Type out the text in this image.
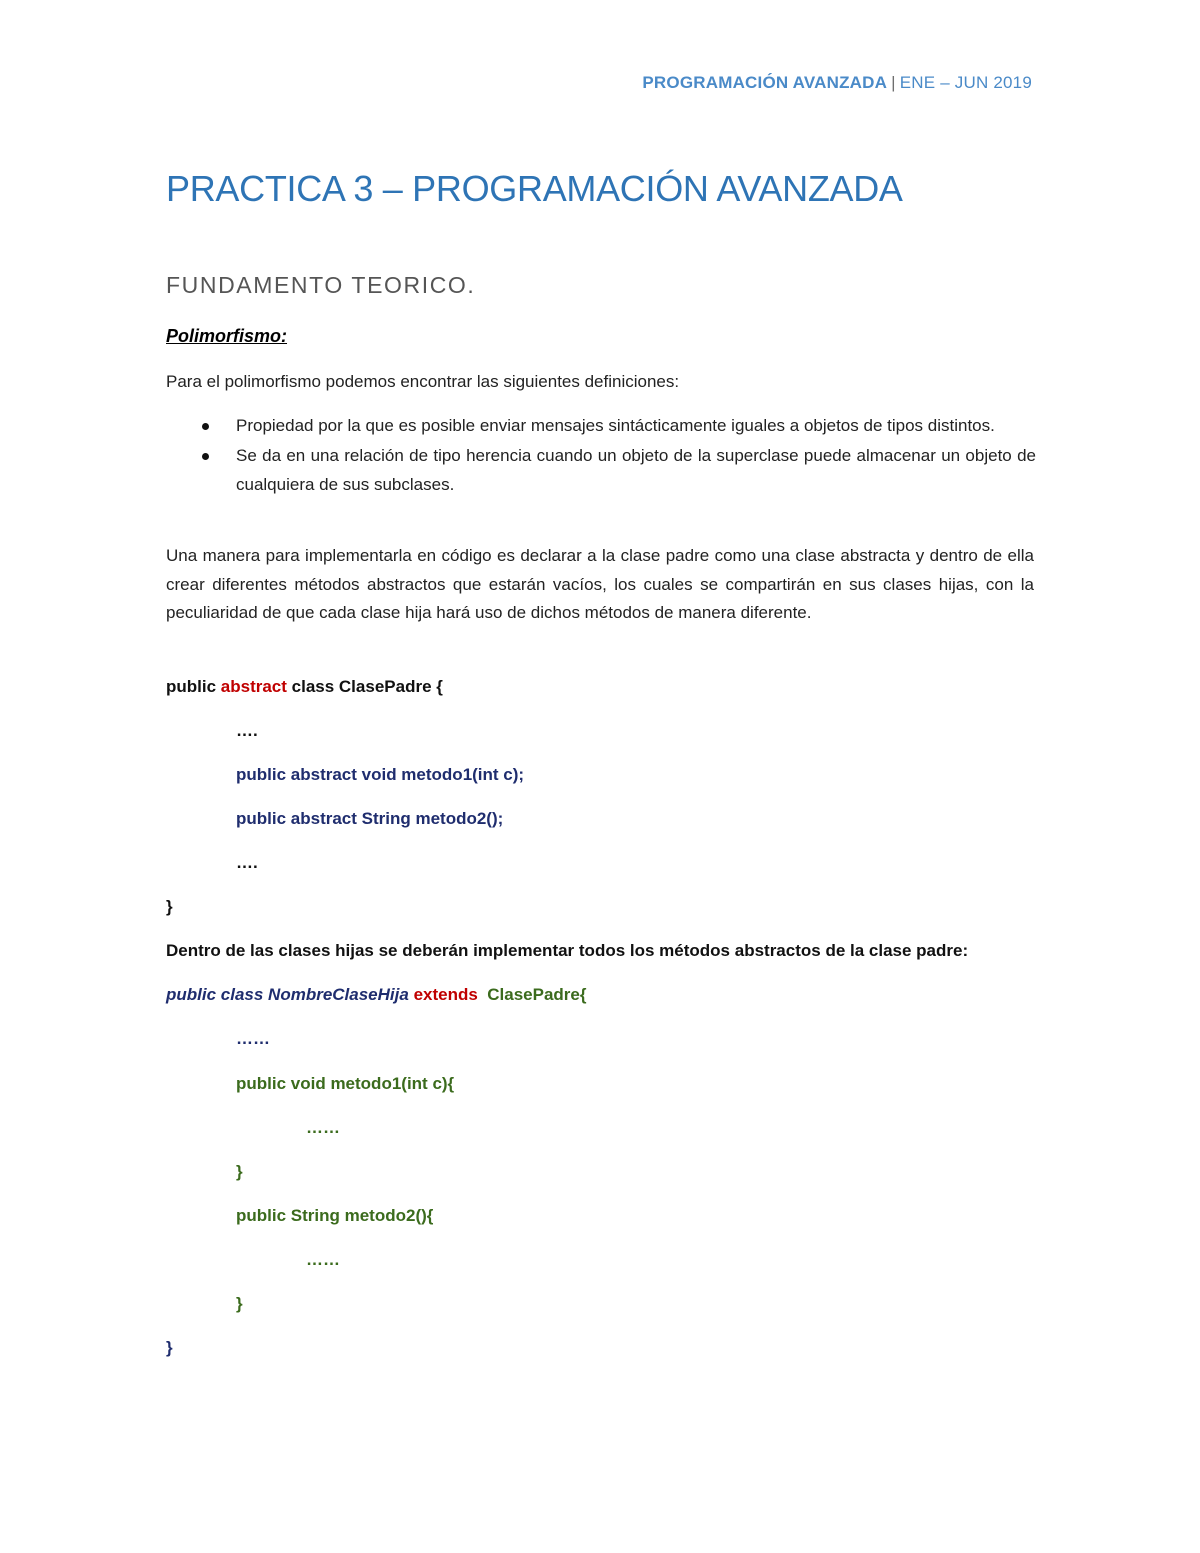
PROGRAMACIÓN AVANZADA | ENE – JUN 2019
PRACTICA 3 – PROGRAMACIÓN AVANZADA
FUNDAMENTO TEORICO.
Polimorfismo:
Para el polimorfismo podemos encontrar las siguientes definiciones:
Propiedad por la que es posible enviar mensajes sintácticamente iguales a objetos de tipos distintos.
Se da en una relación de tipo herencia cuando un objeto de la superclase puede almacenar un objeto de cualquiera de sus subclases.
Una manera para implementarla en código es declarar a la clase padre como una clase abstracta y dentro de ella crear diferentes métodos abstractos que estarán vacíos, los cuales se compartirán en sus clases hijas, con la peculiaridad de que cada clase hija hará uso de dichos métodos de manera diferente.
public abstract class ClasePadre {
….
public abstract void metodo1(int c);
public abstract String metodo2();
….
}
Dentro de las clases hijas se deberán implementar todos los métodos abstractos de la clase padre:
public class NombreClaseHija extends ClasePadre{
……
public void metodo1(int c){
……
}
public String metodo2(){
……
}
}
